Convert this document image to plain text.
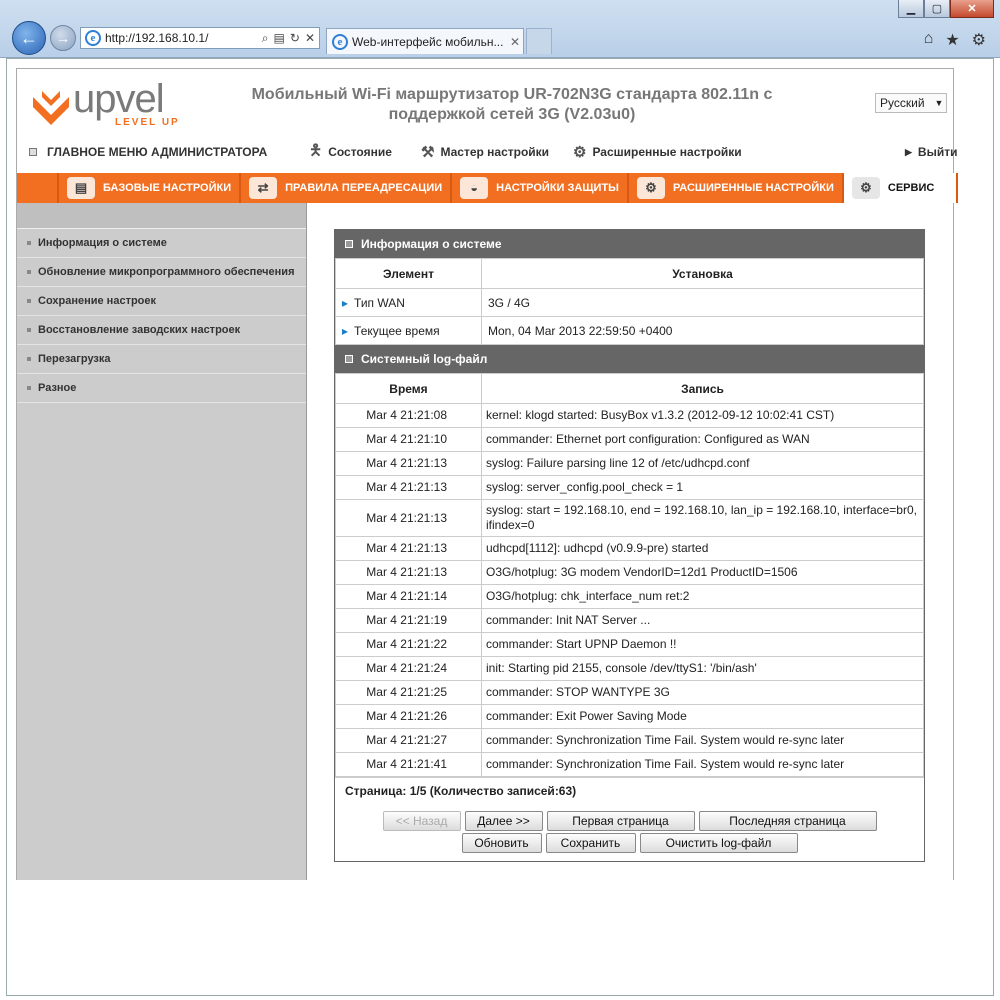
▁	▢	✕
←	→	e http://192.168.10.1/	⌕ ▤ ↻ ✕	e Web-интерфейс мобильн... ✕	⌂ ★ ⚙
upvel
LEVEL UP
Мобильный Wi-Fi маршрутизатор UR-702N3G стандарта 802.11n с
поддержкой сетей 3G (V2.03u0)
Русский ▼
ГЛАВНОЕ МЕНЮ АДМИНИСТРАТОРА	🯅 Состояние ⚒ Мастер настройки ⚙ Расширенные настройки	▶ Выйти
▤	БАЗОВЫЕ НАСТРОЙКИ	⇄	ПРАВИЛА ПЕРЕАДРЕСАЦИИ	◒	НАСТРОЙКИ ЗАЩИТЫ	⚙	РАСШИРЕННЫЕ НАСТРОЙКИ	⚙	СЕРВИС
Информация о системе
Обновление микропрограммного обеспечения
Сохранение настроек
Восстановление заводских настроек
Перезагрузка
Разное
Информация о системе
Элемент	Установка
▸ Тип WAN	3G / 4G
▸ Текущее время	Mon, 04 Mar 2013 22:59:50 +0400
Системный log-файл
Время	Запись
Mar 4 21:21:08	kernel: klogd started: BusyBox v1.3.2 (2012-09-12 10:02:41 CST)
Mar 4 21:21:10	commander: Ethernet port configuration: Configured as WAN
Mar 4 21:21:13	syslog: Failure parsing line 12 of /etc/udhcpd.conf
Mar 4 21:21:13	syslog: server_config.pool_check = 1
Mar 4 21:21:13	syslog: start = 192.168.10, end = 192.168.10, lan_ip = 192.168.10, interface=br0, ifindex=0
Mar 4 21:21:13	udhcpd[1112]: udhcpd (v0.9.9-pre) started
Mar 4 21:21:13	O3G/hotplug: 3G modem VendorID=12d1 ProductID=1506
Mar 4 21:21:14	O3G/hotplug: chk_interface_num ret:2
Mar 4 21:21:19	commander: Init NAT Server ...
Mar 4 21:21:22	commander: Start UPNP Daemon !!
Mar 4 21:21:24	init: Starting pid 2155, console /dev/ttyS1: '/bin/ash'
Mar 4 21:21:25	commander: STOP WANTYPE 3G
Mar 4 21:21:26	commander: Exit Power Saving Mode
Mar 4 21:21:27	commander: Synchronization Time Fail. System would re-sync later
Mar 4 21:21:41	commander: Synchronization Time Fail. System would re-sync later
Страница: 1/5 (Количество записей:63)
<< Назад	Далее >>	Первая страница	Последняя страница
Обновить	Сохранить	Очистить log-файл
